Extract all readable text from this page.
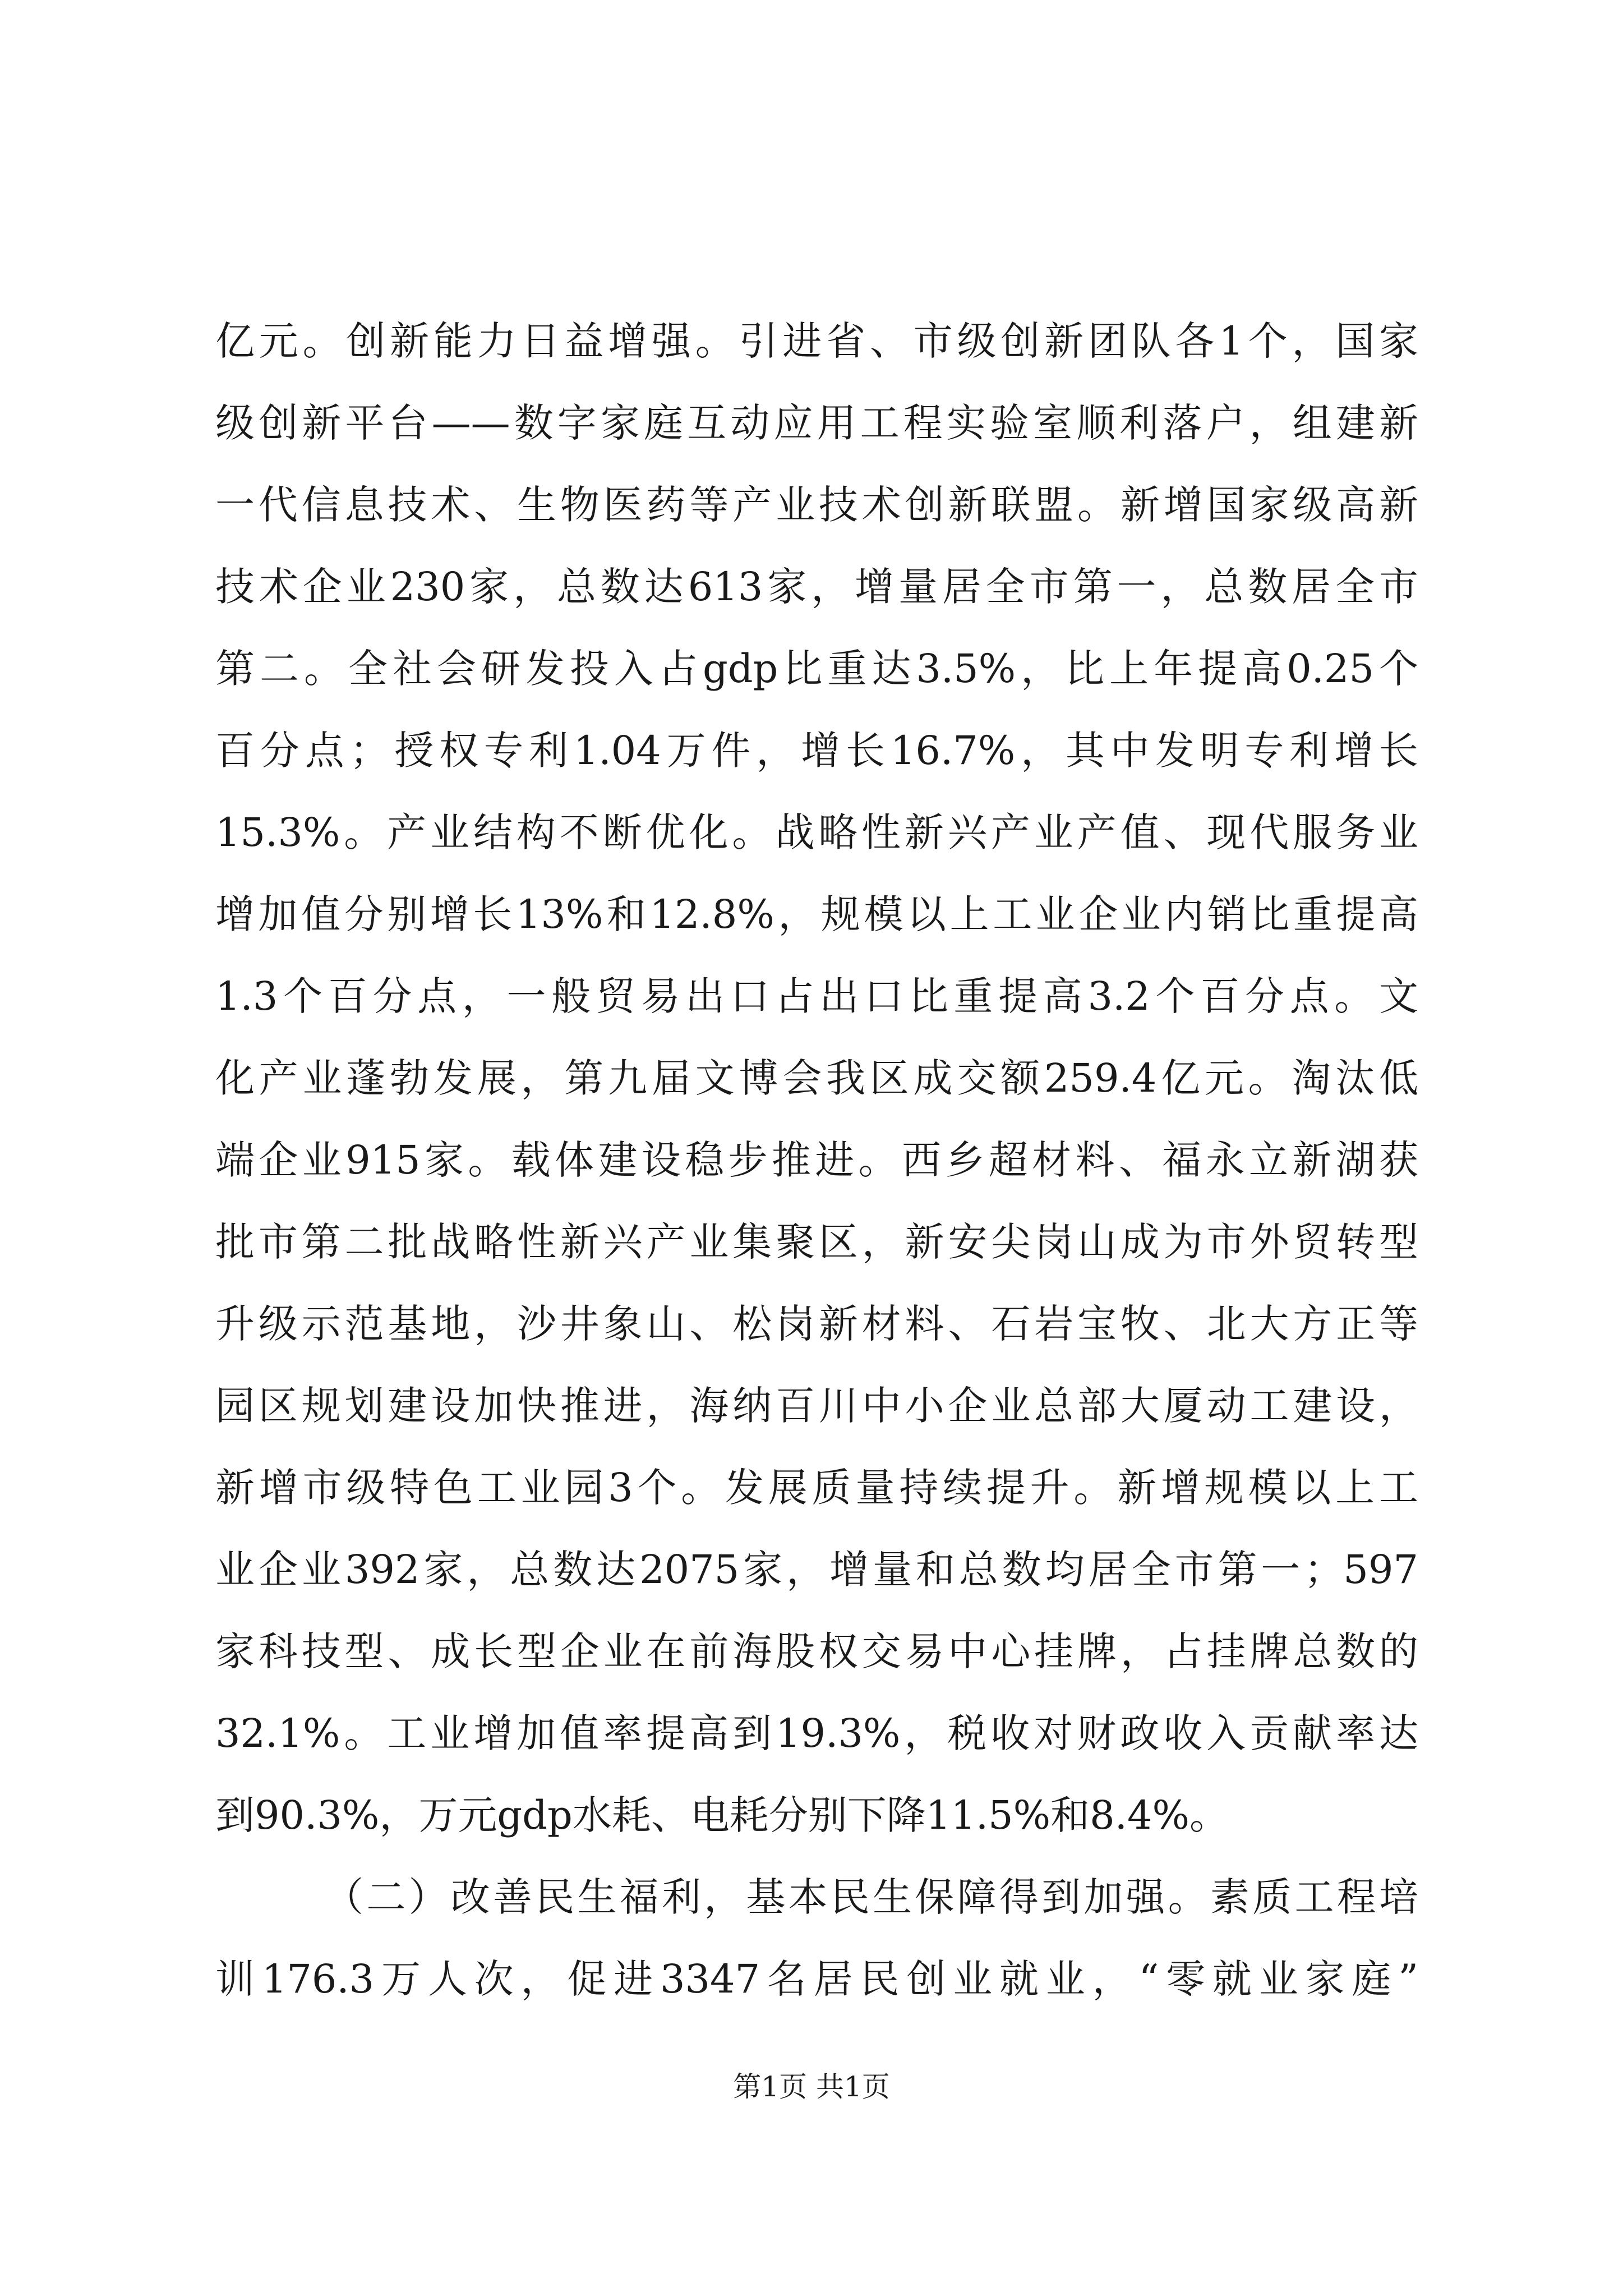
亿元。创新能力日益增强。引进省、市级创新团队各1个，国家
级创新平台——数字家庭互动应用工程实验室顺利落户，组建新
一代信息技术、生物医药等产业技术创新联盟。新增国家级高新
技术企业230家，总数达613家，增量居全市第一，总数居全市
第二。全社会研发投入占gdp比重达3.5%，比上年提高0.25个
百分点；授权专利1.04万件，增长16.7%，其中发明专利增长
15.3%。产业结构不断优化。战略性新兴产业产值、现代服务业
增加值分别增长13%和12.8%，规模以上工业企业内销比重提高
1.3个百分点，一般贸易出口占出口比重提高3.2个百分点。文
化产业蓬勃发展，第九届文博会我区成交额259.4亿元。淘汰低
端企业915家。载体建设稳步推进。西乡超材料、福永立新湖获
批市第二批战略性新兴产业集聚区，新安尖岗山成为市外贸转型
升级示范基地，沙井象山、松岗新材料、石岩宝牧、北大方正等
园区规划建设加快推进，海纳百川中小企业总部大厦动工建设，
新增市级特色工业园3个。发展质量持续提升。新增规模以上工
业企业392家，总数达2075家，增量和总数均居全市第一；597
家科技型、成长型企业在前海股权交易中心挂牌，占挂牌总数的
32.1%。工业增加值率提高到19.3%，税收对财政收入贡献率达
到90.3%，万元gdp水耗、电耗分别下降11.5%和8.4%。
（二）改善民生福利，基本民生保障得到加强。素质工程培
训176.3万人次，促进3347名居民创业就业，“零就业家庭”
第1页 共1页
